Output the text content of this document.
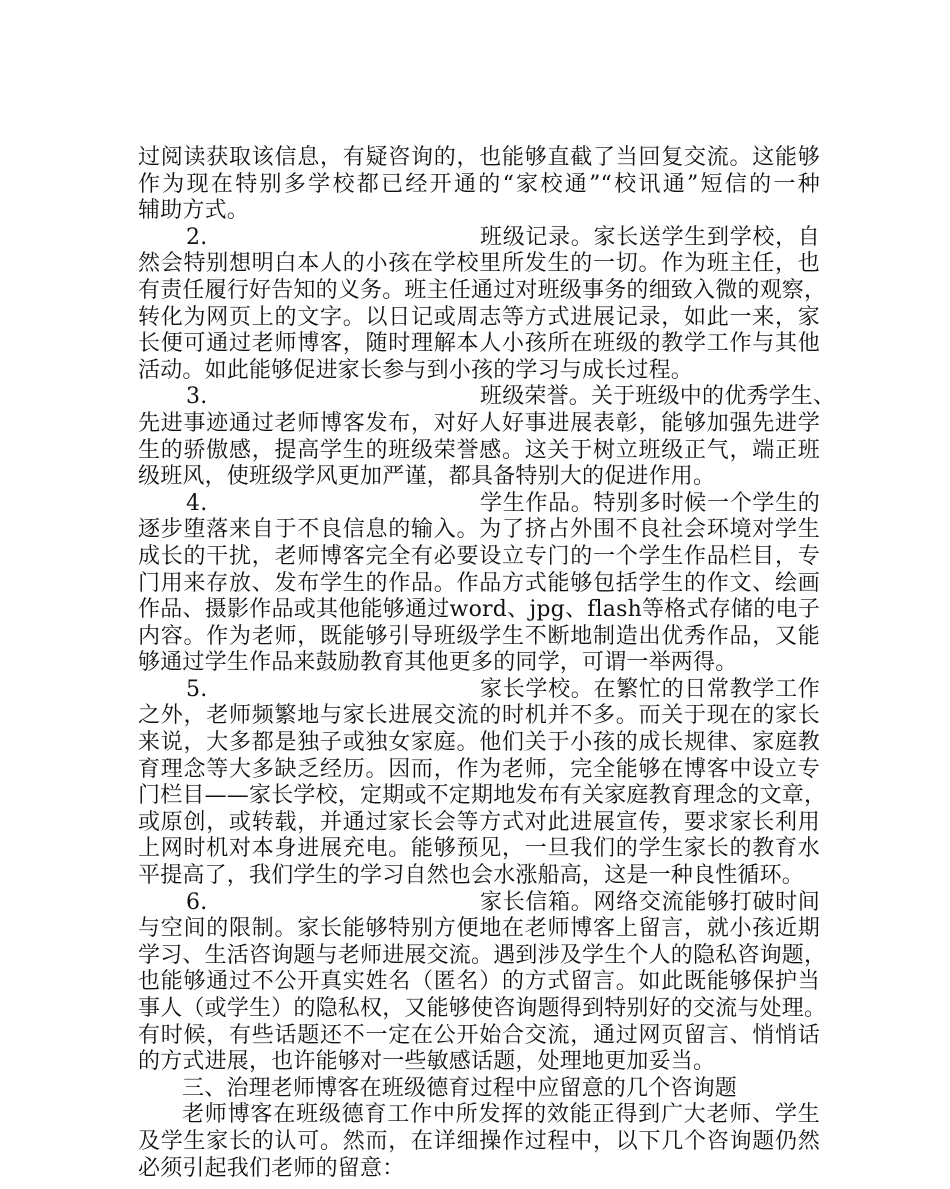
过阅读获取该信息，有疑咨询的，也能够直截了当回复交流。这能够
作为现在特别多学校都已经开通的“家校通”“校讯通”短信的一种
辅助方式。
2.	班级记录。家长送学生到学校，自
然会特别想明白本人的小孩在学校里所发生的一切。作为班主任，也
有责任履行好告知的义务。班主任通过对班级事务的细致入微的观察，
转化为网页上的文字。以日记或周志等方式进展记录，如此一来，家
长便可通过老师博客，随时理解本人小孩所在班级的教学工作与其他
活动。如此能够促进家长参与到小孩的学习与成长过程。
3.	班级荣誉。关于班级中的优秀学生、
先进事迹通过老师博客发布，对好人好事进展表彰，能够加强先进学
生的骄傲感，提高学生的班级荣誉感。这关于树立班级正气，端正班
级班风，使班级学风更加严谨，都具备特别大的促进作用。
4.	学生作品。特别多时候一个学生的
逐步堕落来自于不良信息的输入。为了挤占外围不良社会环境对学生
成长的干扰，老师博客完全有必要设立专门的一个学生作品栏目，专
门用来存放、发布学生的作品。作品方式能够包括学生的作文、绘画
作品、摄影作品或其他能够通过word、jpg、flash等格式存储的电子
内容。作为老师，既能够引导班级学生不断地制造出优秀作品，又能
够通过学生作品来鼓励教育其他更多的同学，可谓一举两得。
5.	家长学校。在繁忙的日常教学工作
之外，老师频繁地与家长进展交流的时机并不多。而关于现在的家长
来说，大多都是独子或独女家庭。他们关于小孩的成长规律、家庭教
育理念等大多缺乏经历。因而，作为老师，完全能够在博客中设立专
门栏目——家长学校，定期或不定期地发布有关家庭教育理念的文章，
或原创，或转载，并通过家长会等方式对此进展宣传，要求家长利用
上网时机对本身进展充电。能够预见，一旦我们的学生家长的教育水
平提高了，我们学生的学习自然也会水涨船高，这是一种良性循环。
6.	家长信箱。网络交流能够打破时间
与空间的限制。家长能够特别方便地在老师博客上留言，就小孩近期
学习、生活咨询题与老师进展交流。遇到涉及学生个人的隐私咨询题，
也能够通过不公开真实姓名（匿名）的方式留言。如此既能够保护当
事人（或学生）的隐私权，又能够使咨询题得到特别好的交流与处理。
有时候，有些话题还不一定在公开始合交流，通过网页留言、悄悄话
的方式进展，也许能够对一些敏感话题，处理地更加妥当。
三、治理老师博客在班级德育过程中应留意的几个咨询题
老师博客在班级德育工作中所发挥的效能正得到广大老师、学生
及学生家长的认可。然而，在详细操作过程中，以下几个咨询题仍然
必须引起我们老师的留意：
